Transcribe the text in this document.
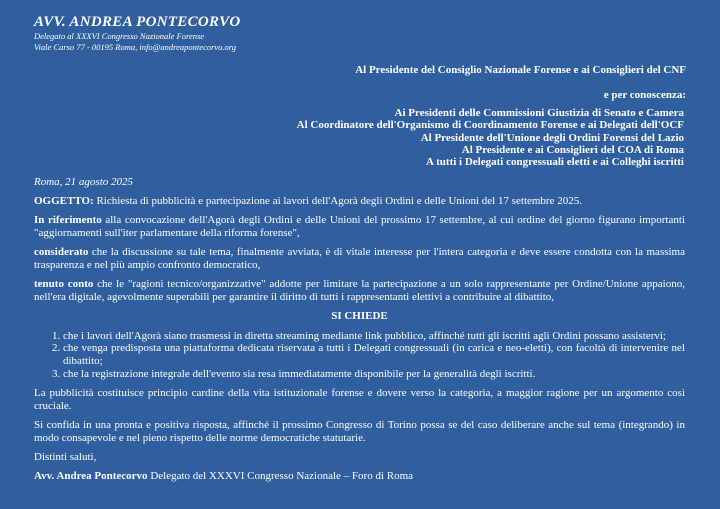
AVV. ANDREA PONTECORVO
Delegato al XXXVI Congresso Nazionale Forense
Viale Carso 77 - 00195 Roma, info@andreapontecorvo.org
Al Presidente del Consiglio Nazionale Forense e ai Consiglieri del CNF
e per conoscenza:
Ai Presidenti delle Commissioni Giustizia di Senato e Camera
Al Coordinatore dell'Organismo di Coordinamento Forense e ai Delegati dell'OCF
Al Presidente dell'Unione degli Ordini Forensi del Lazio
Al Presidente e ai Consiglieri del COA di Roma
A tutti i Delegati congressuali eletti e ai Colleghi iscritti

Roma, 21 agosto 2025

OGGETTO: Richiesta di pubblicità e partecipazione ai lavori dell'Agorà degli Ordini e delle Unioni del 17 settembre 2025.

In riferimento alla convocazione dell'Agorà degli Ordini e delle Unioni del prossimo 17 settembre, al cui ordine del giorno figurano importanti "aggiornamenti sull'iter parlamentare della riforma forense",

considerato che la discussione su tale tema, finalmente avviata, è di vitale interesse per l'intera categoria e deve essere condotta con la massima trasparenza e nel più ampio confronto democratico,

tenuto conto che le "ragioni tecnico/organizzative" addotte per limitare la partecipazione a un solo rappresentante per Ordine/Unione appaiono, nell'era digitale, agevolmente superabili per garantire il diritto di tutti i rappresentanti elettivi a contribuire al dibattito,

SI CHIEDE

1. che i lavori dell'Agorà siano trasmessi in diretta streaming mediante link pubblico, affinché tutti gli iscritti agli Ordini possano assistervi;
2. che venga predisposta una piattaforma dedicata riservata a tutti i Delegati congressuali (in carica e neo-eletti), con facoltà di intervenire nel dibattito;
3. che la registrazione integrale dell'evento sia resa immediatamente disponibile per la generalità degli iscritti.

La pubblicità costituisce principio cardine della vita istituzionale forense e dovere verso la categoria, a maggior ragione per un argomento così cruciale.

Si confida in una pronta e positiva risposta, affinché il prossimo Congresso di Torino possa se del caso deliberare anche sul tema (integrando) in modo consapevole e nel pieno rispetto delle norme democratiche statutarie.

Distinti saluti,

Avv. Andrea Pontecorvo Delegato del XXXVI Congresso Nazionale – Foro di Roma
